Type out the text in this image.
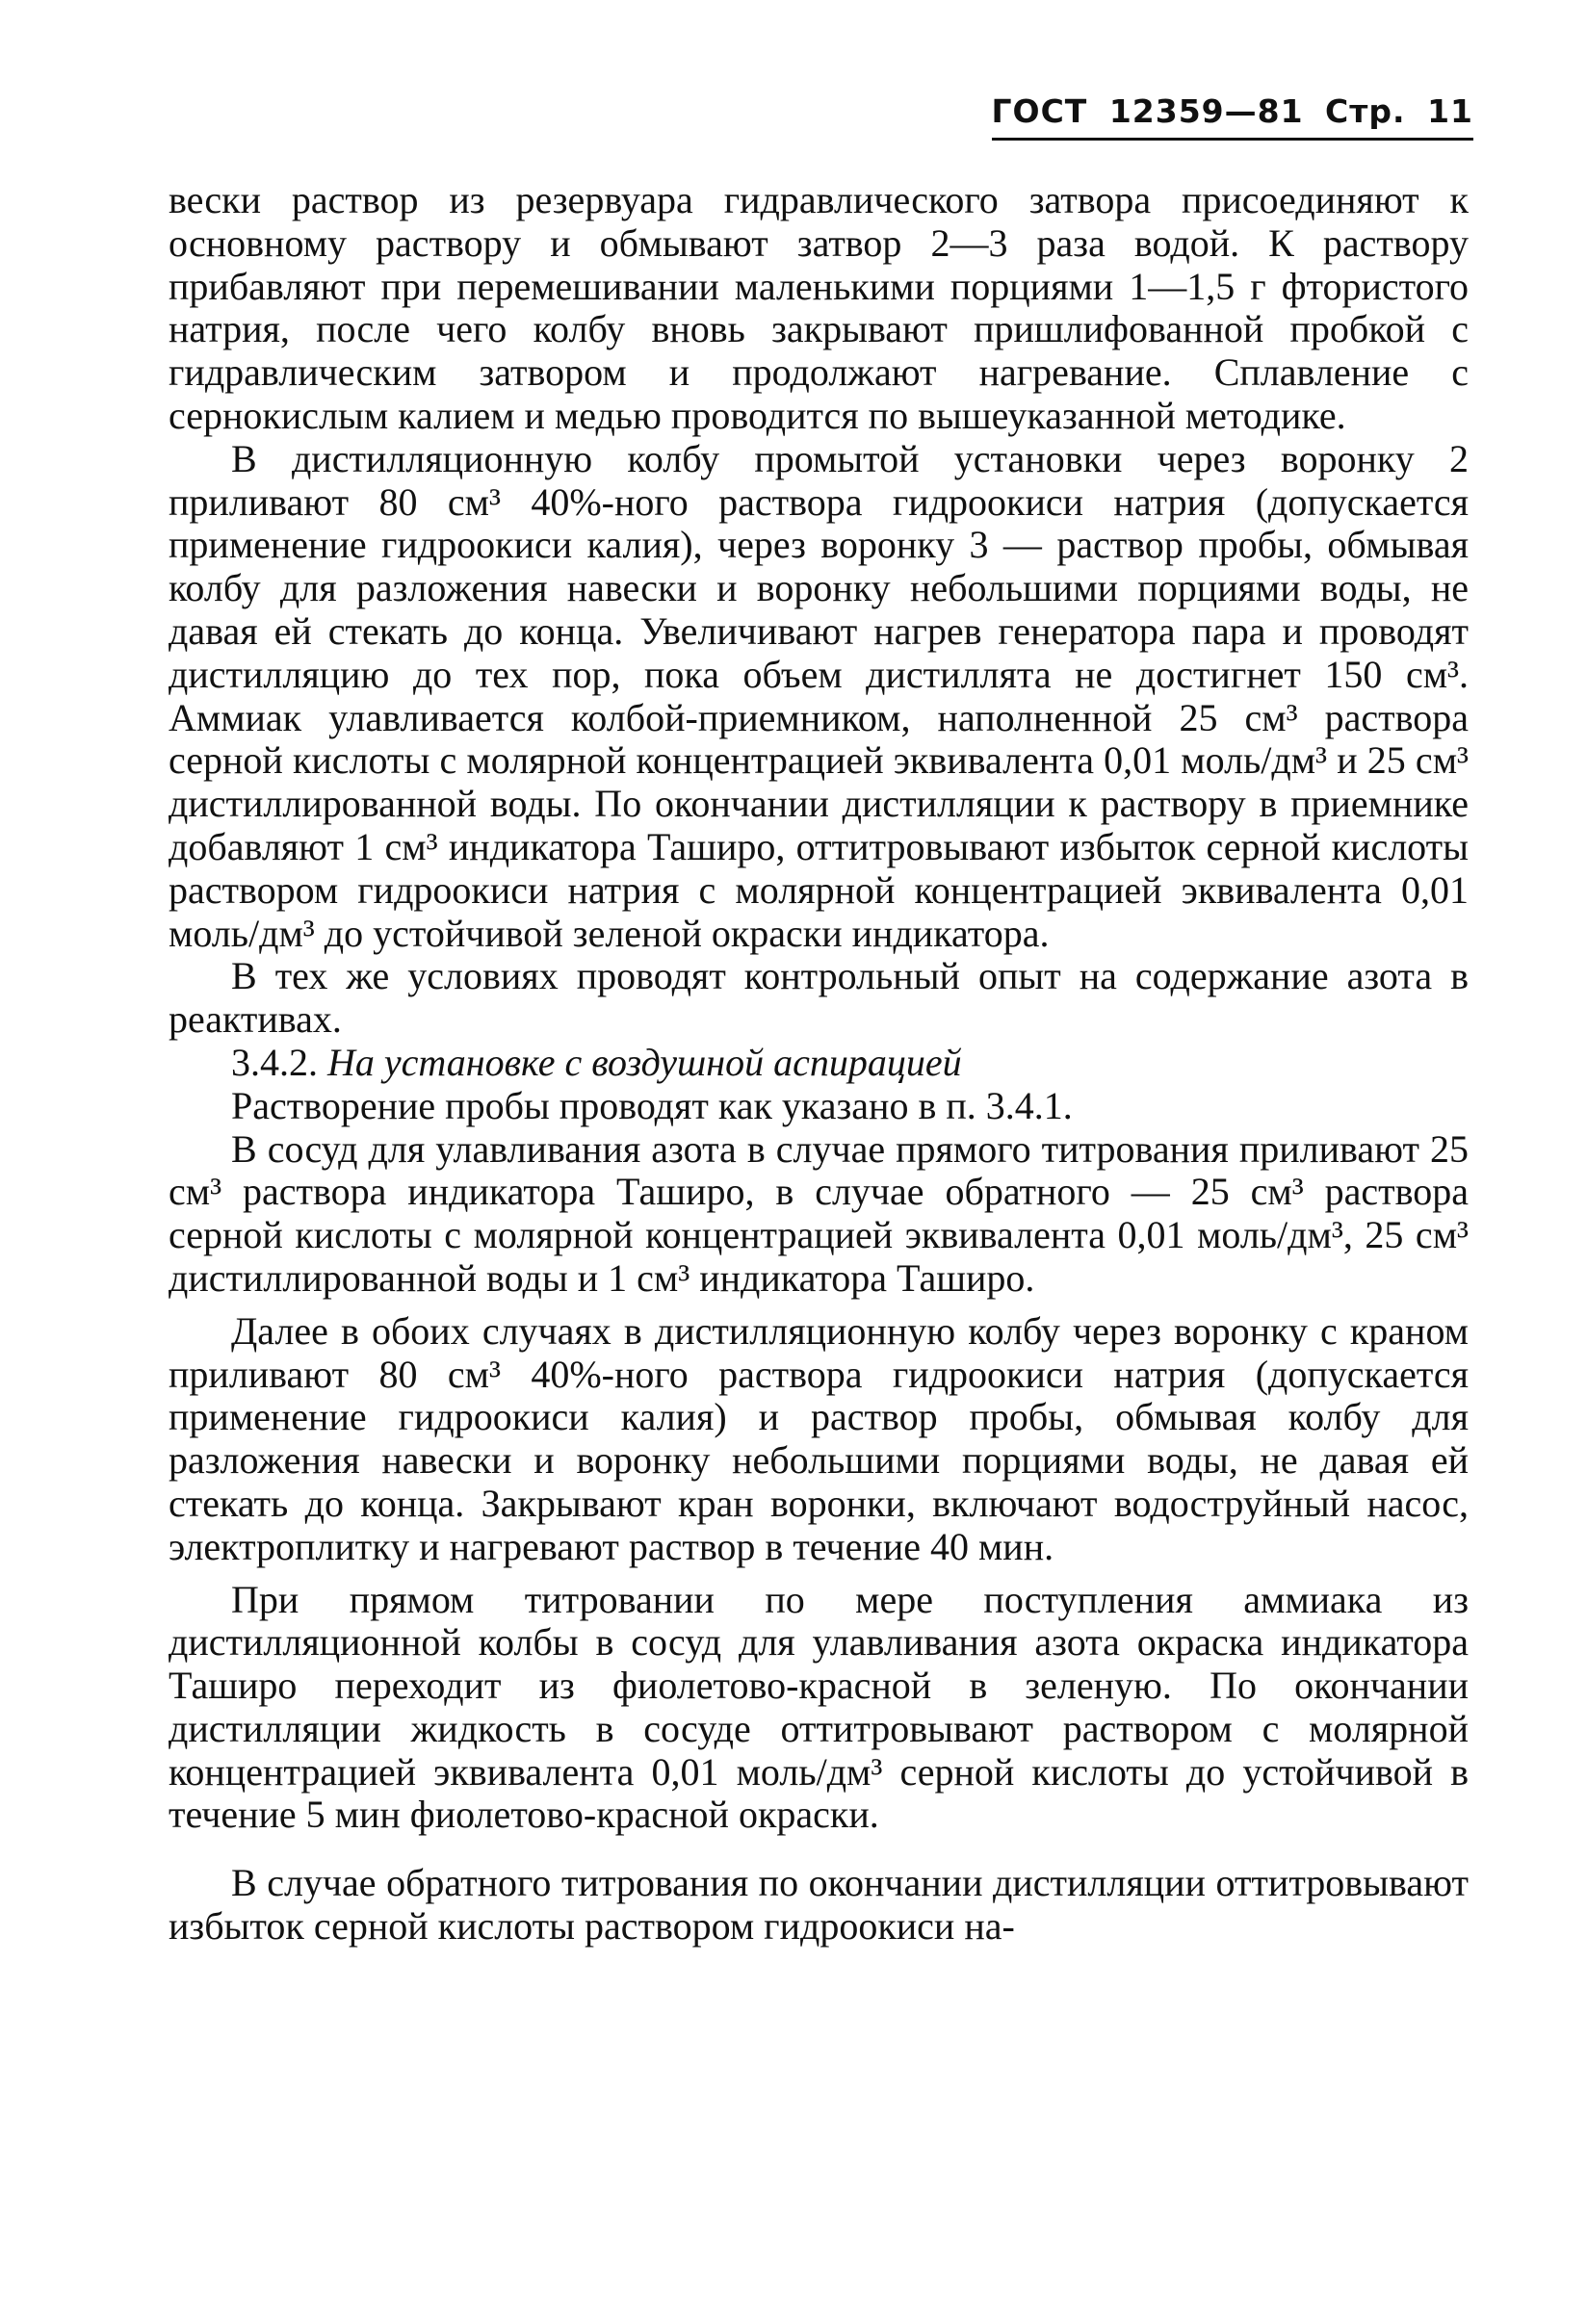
ГОСТ 12359—81 Стр. 11

вески раствор из резервуара гидравлического затвора присоединяют к основному раствору и обмывают затвор 2—3 раза водой. К раствору прибавляют при перемешивании маленькими порциями 1—1,5 г фтористого натрия, после чего колбу вновь закрывают пришлифованной пробкой с гидравлическим затвором и продолжают нагревание. Сплавление с сернокислым калием и медью проводится по вышеуказанной методике.

В дистилляционную колбу промытой установки через воронку 2 приливают 80 см³ 40%-ного раствора гидроокиси натрия (допускается применение гидроокиси калия), через воронку 3 — раствор пробы, обмывая колбу для разложения навески и воронку небольшими порциями воды, не давая ей стекать до конца. Увеличивают нагрев генератора пара и проводят дистилляцию до тех пор, пока объем дистиллята не достигнет 150 см³. Аммиак улавливается колбой-приемником, наполненной 25 см³ раствора серной кислоты с молярной концентрацией эквивалента 0,01 моль/дм³ и 25 см³ дистиллированной воды. По окончании дистилляции к раствору в приемнике добавляют 1 см³ индикатора Таширо, оттитровывают избыток серной кислоты раствором гидроокиси натрия с молярной концентрацией эквивалента 0,01 моль/дм³ до устойчивой зеленой окраски индикатора.

В тех же условиях проводят контрольный опыт на содержание азота в реактивах.

3.4.2. На установке с воздушной аспирацией

Растворение пробы проводят как указано в п. 3.4.1.

В сосуд для улавливания азота в случае прямого титрования приливают 25 см³ раствора индикатора Таширо, в случае обратного — 25 см³ раствора серной кислоты с молярной концентрацией эквивалента 0,01 моль/дм³, 25 см³ дистиллированной воды и 1 см³ индикатора Таширо.

Далее в обоих случаях в дистилляционную колбу через воронку с краном приливают 80 см³ 40%-ного раствора гидроокиси натрия (допускается применение гидроокиси калия) и раствор пробы, обмывая колбу для разложения навески и воронку небольшими порциями воды, не давая ей стекать до конца. Закрывают кран воронки, включают водоструйный насос, электроплитку и нагревают раствор в течение 40 мин.

При прямом титровании по мере поступления аммиака из дистилляционной колбы в сосуд для улавливания азота окраска индикатора Таширо переходит из фиолетово-красной в зеленую. По окончании дистилляции жидкость в сосуде оттитровывают раствором с молярной концентрацией эквивалента 0,01 моль/дм³ серной кислоты до устойчивой в течение 5 мин фиолетово-красной окраски.

В случае обратного титрования по окончании дистилляции оттитровывают избыток серной кислоты раствором гидроокиси на-
